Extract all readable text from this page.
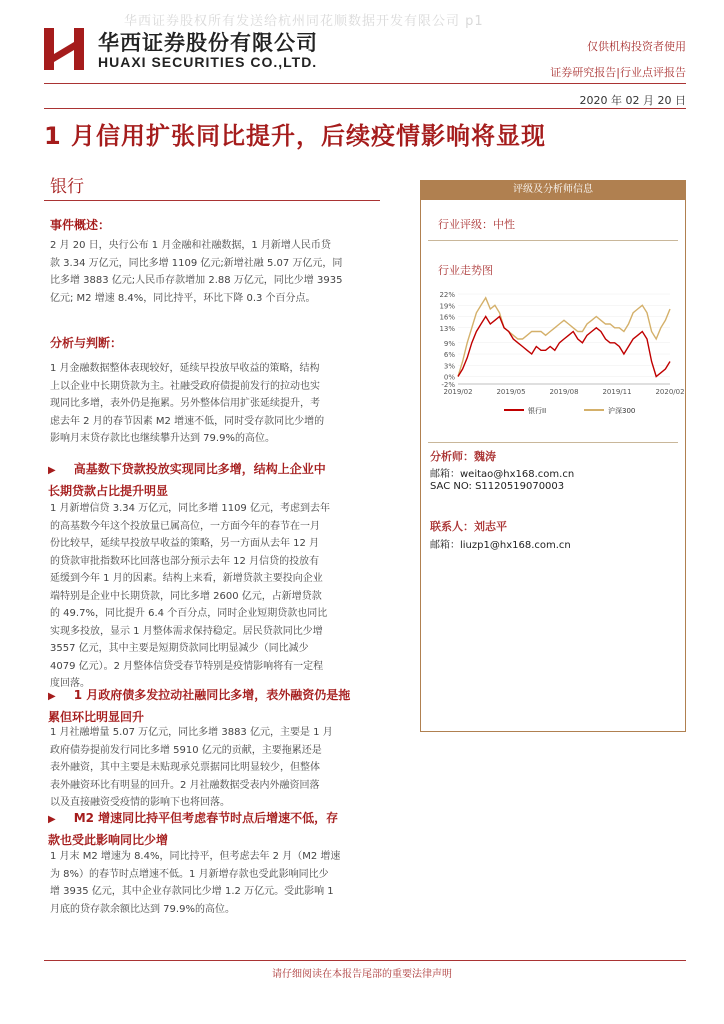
华西证券股权所有发送给杭州同花顺数据开发有限公司 p1
华西证券股份有限公司
HUAXI SECURITIES CO.,LTD.
仅供机构投资者使用
证券研究报告|行业点评报告
2020 年 02 月 20 日
1 月信用扩张同比提升，后续疫情影响将显现
银行
事件概述：
2 月 20 日，央行公布 1 月金融和社融数据，1 月新增人民币贷
款 3.34 万亿元，同比多增 1109 亿元;新增社融 5.07 万亿元，同
比多增 3883 亿元;人民币存款增加 2.88 万亿元，同比少增 3935
亿元; M2 增速 8.4%，同比持平，环比下降 0.3 个百分点。
分析与判断：
1 月金融数据整体表现较好，延续早投放早收益的策略，结构
上以企业中长期贷款为主。社融受政府债提前发行的拉动也实
现同比多增，表外仍是拖累。另外整体信用扩张延续提升，考
虑去年 2 月的春节因素 M2 增速不低，同时受存款同比少增的
影响月末贷存款比也继续攀升达到 79.9%的高位。
▶ 高基数下贷款投放实现同比多增，结构上企业中
长期贷款占比提升明显
1 月新增信贷 3.34 万亿元，同比多增 1109 亿元，考虑到去年
的高基数今年这个投放量已属高位，一方面今年的春节在一月
份比较早，延续早投放早收益的策略，另一方面从去年 12 月
的贷款审批指数环比回落也部分预示去年 12 月信贷的投放有
延缓到今年 1 月的因素。结构上来看，新增贷款主要投向企业
端特别是企业中长期贷款，同比多增 2600 亿元，占新增贷款
的 49.7%，同比提升 6.4 个百分点，同时企业短期贷款也同比
实现多投放，显示 1 月整体需求保持稳定。居民贷款同比少增
3557 亿元，其中主要是短期贷款同比明显减少（同比减少
4079 亿元）。2 月整体信贷受春节特别是疫情影响将有一定程
度回落。
▶ 1 月政府债多发拉动社融同比多增，表外融资仍是拖
累但环比明显回升
1 月社融增量 5.07 万亿元，同比多增 3883 亿元，主要是 1 月
政府债券提前发行同比多增 5910 亿元的贡献，主要拖累还是
表外融资，其中主要是未贴现承兑票据同比明显较少，但整体
表外融资环比有明显的回升。2 月社融数据受表内外融资回落
以及直接融资受疫情的影响下也将回落。
▶ M2 增速同比持平但考虑春节时点后增速不低，存
款也受此影响同比少增
1 月末 M2 增速为 8.4%，同比持平，但考虑去年 2 月（M2 增速
为 8%）的春节时点增速不低。1 月新增存款也受此影响同比少
增 3935 亿元，其中企业存款同比少增 1.2 万亿元。受此影响 1
月底的贷存款余额比达到 79.9%的高位。
评级及分析师信息
行业评级：中性
行业走势图
-2%
0%
3%
6%
9%
13%
16%
19%
22%
2019/02	2019/05	2019/08	2019/11	2020/02
银行II	沪深300
分析师：魏涛
邮箱：weitao@hx168.com.cn
SAC NO: S1120519070003
联系人：刘志平
邮箱：liuzp1@hx168.com.cn
请仔细阅读在本报告尾部的重要法律声明
